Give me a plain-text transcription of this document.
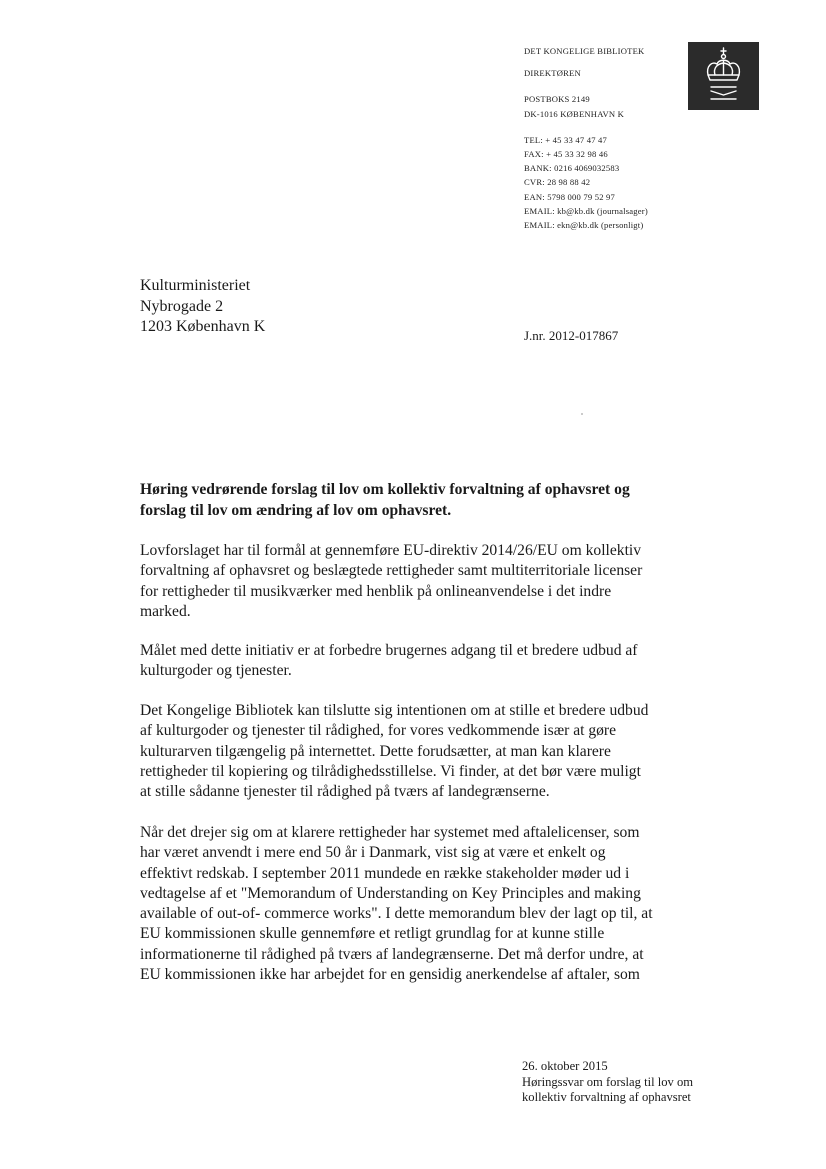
DET KONGELIGE BIBLIOTEK
DIREKTØREN
POSTBOKS 2149
DK-1016 KØBENHAVN K
TEL: + 45 33 47 47 47
FAX: + 45 33 32 98 46
BANK: 0216 4069032583
CVR: 28 98 88 42
EAN: 5798 000 79 52 97
EMAIL: kb@kb.dk (journalsager)
EMAIL: ekn@kb.dk (personligt)
Kulturministeriet
Nybrogade 2
1203 København K
J.nr. 2012-017867
Høring vedrørende forslag til lov om kollektiv forvaltning af ophavsret og
forslag til lov om ændring af lov om ophavsret.
Lovforslaget har til formål at gennemføre EU-direktiv 2014/26/EU om kollektiv
forvaltning af ophavsret og beslægtede rettigheder samt multiterritoriale licenser
for rettigheder til musikværker med henblik på onlineanvendelse i det indre
marked.
Målet med dette initiativ er at forbedre brugernes adgang til et bredere udbud af
kulturgoder og tjenester.
Det Kongelige Bibliotek kan tilslutte sig intentionen om at stille et bredere udbud
af kulturgoder og tjenester til rådighed, for vores vedkommende især at gøre
kulturarven tilgængelig på internettet. Dette forudsætter, at man kan klarere
rettigheder til kopiering og tilrådighedsstillelse. Vi finder, at det bør være muligt
at stille sådanne tjenester til rådighed på tværs af landegrænserne.
Når det drejer sig om at klarere rettigheder har systemet med aftalelicenser, som
har været anvendt i mere end 50 år i Danmark, vist sig at være et enkelt og
effektivt redskab. I september 2011 mundede en række stakeholder møder ud i
vedtagelse af et "Memorandum of Understanding on Key Principles and making
available of out-of- commerce works". I dette memorandum blev der lagt op til, at
EU kommissionen skulle gennemføre et retligt grundlag for at kunne stille
informationerne til rådighed på tværs af landegrænserne. Det må derfor undre, at
EU kommissionen ikke har arbejdet for en gensidig anerkendelse af aftaler, som
26. oktober 2015
Høringssvar om forslag til lov om
kollektiv forvaltning af ophavsret
